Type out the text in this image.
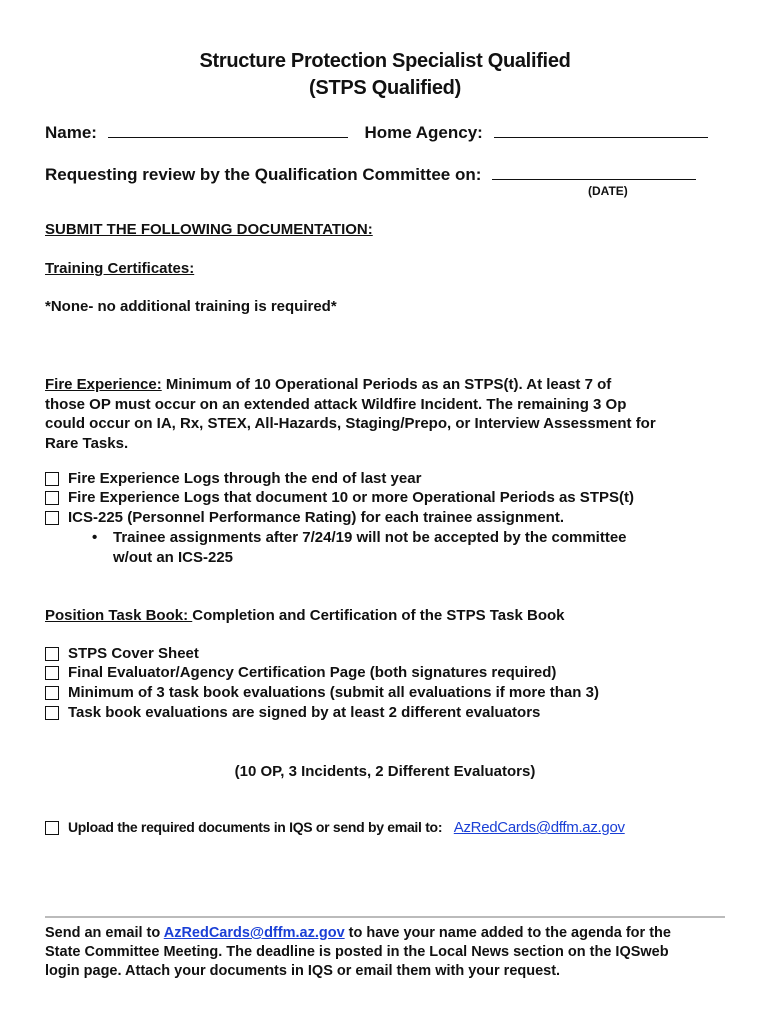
Structure Protection Specialist Qualified
(STPS Qualified)
Name:	Home Agency:
Requesting review by the Qualification Committee on:
(DATE)
SUBMIT THE FOLLOWING DOCUMENTATION:
Training Certificates:
*None- no additional training is required*
Fire Experience: Minimum of 10 Operational Periods as an STPS(t). At least 7 of
those OP must occur on an extended attack Wildfire Incident. The remaining 3 Op
could occur on IA, Rx, STEX, All-Hazards, Staging/Prepo, or Interview Assessment for
Rare Tasks.
Fire Experience Logs through the end of last year
Fire Experience Logs that document 10 or more Operational Periods as STPS(t)
ICS-225 (Personnel Performance Rating) for each trainee assignment.
• Trainee assignments after 7/24/19 will not be accepted by the committee
w/out an ICS-225
Position Task Book: Completion and Certification of the STPS Task Book
STPS Cover Sheet
Final Evaluator/Agency Certification Page (both signatures required)
Minimum of 3 task book evaluations (submit all evaluations if more than 3)
Task book evaluations are signed by at least 2 different evaluators
(10 OP, 3 Incidents, 2 Different Evaluators)
Upload the required documents in IQS or send by email to: AzRedCards@dffm.az.gov
Send an email to AzRedCards@dffm.az.gov to have your name added to the agenda for the
State Committee Meeting. The deadline is posted in the Local News section on the IQSweb
login page. Attach your documents in IQS or email them with your request.
